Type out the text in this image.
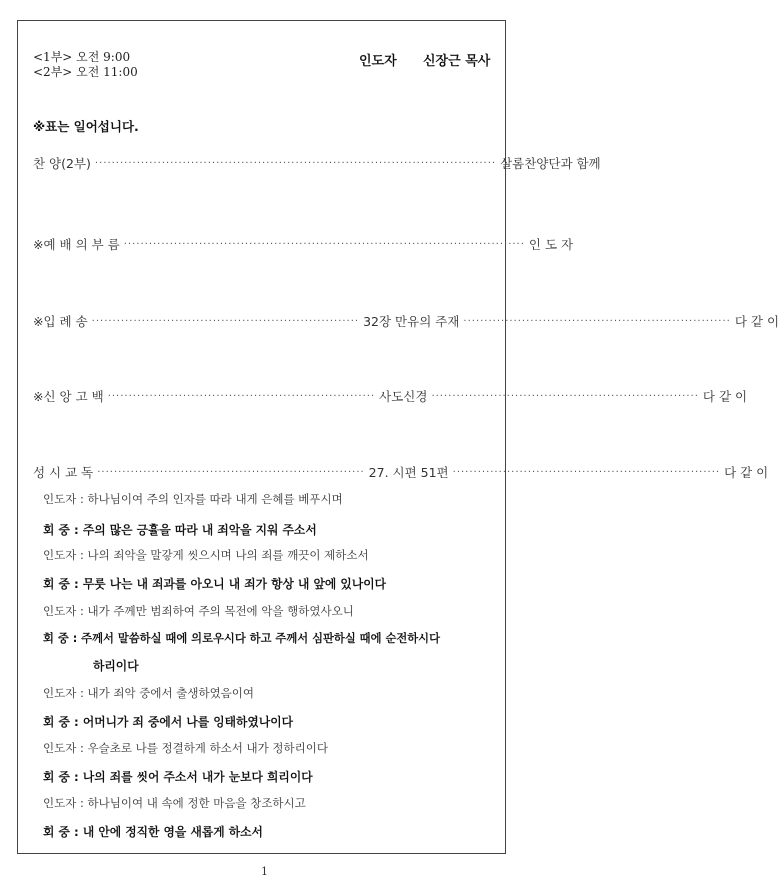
<1부> 오전 9:00
<2부> 오전 11:00
인도자 신장근 목사
※표는 일어섭니다.
찬 양(2부) ································································································ 살롬찬양단과 함께
※예 배 의 부 름 ································································································ 인 도 자
※입 례 송 ································································ 32장 만유의 주재 ································································ 다 같 이
※신 앙 고 백 ································································ 사도신경 ································································ 다 같 이
성 시 교 독 ································································ 27. 시편 51편 ································································ 다 같 이
인도자 : 하나님이여 주의 인자를 따라 내게 은혜를 베푸시며
회 중 : 주의 많은 긍휼을 따라 내 죄악을 지워 주소서
인도자 : 나의 죄악을 말갛게 씻으시며 나의 죄를 깨끗이 제하소서
회 중 : 무릇 나는 내 죄과를 아오니 내 죄가 항상 내 앞에 있나이다
인도자 : 내가 주께만 범죄하여 주의 목전에 악을 행하였사오니
회 중 : 주께서 말씀하실 때에 의로우시다 하고 주께서 심판하실 때에 순전하시다
하리이다
인도자 : 내가 죄악 중에서 출생하였음이여
회 중 : 어머니가 죄 중에서 나를 잉태하였나이다
인도자 : 우슬초로 나를 정결하게 하소서 내가 정하리이다
회 중 : 나의 죄를 씻어 주소서 내가 눈보다 희리이다
인도자 : 하나님이여 내 속에 정한 마음을 창조하시고
회 중 : 내 안에 정직한 영을 새롭게 하소서
1
